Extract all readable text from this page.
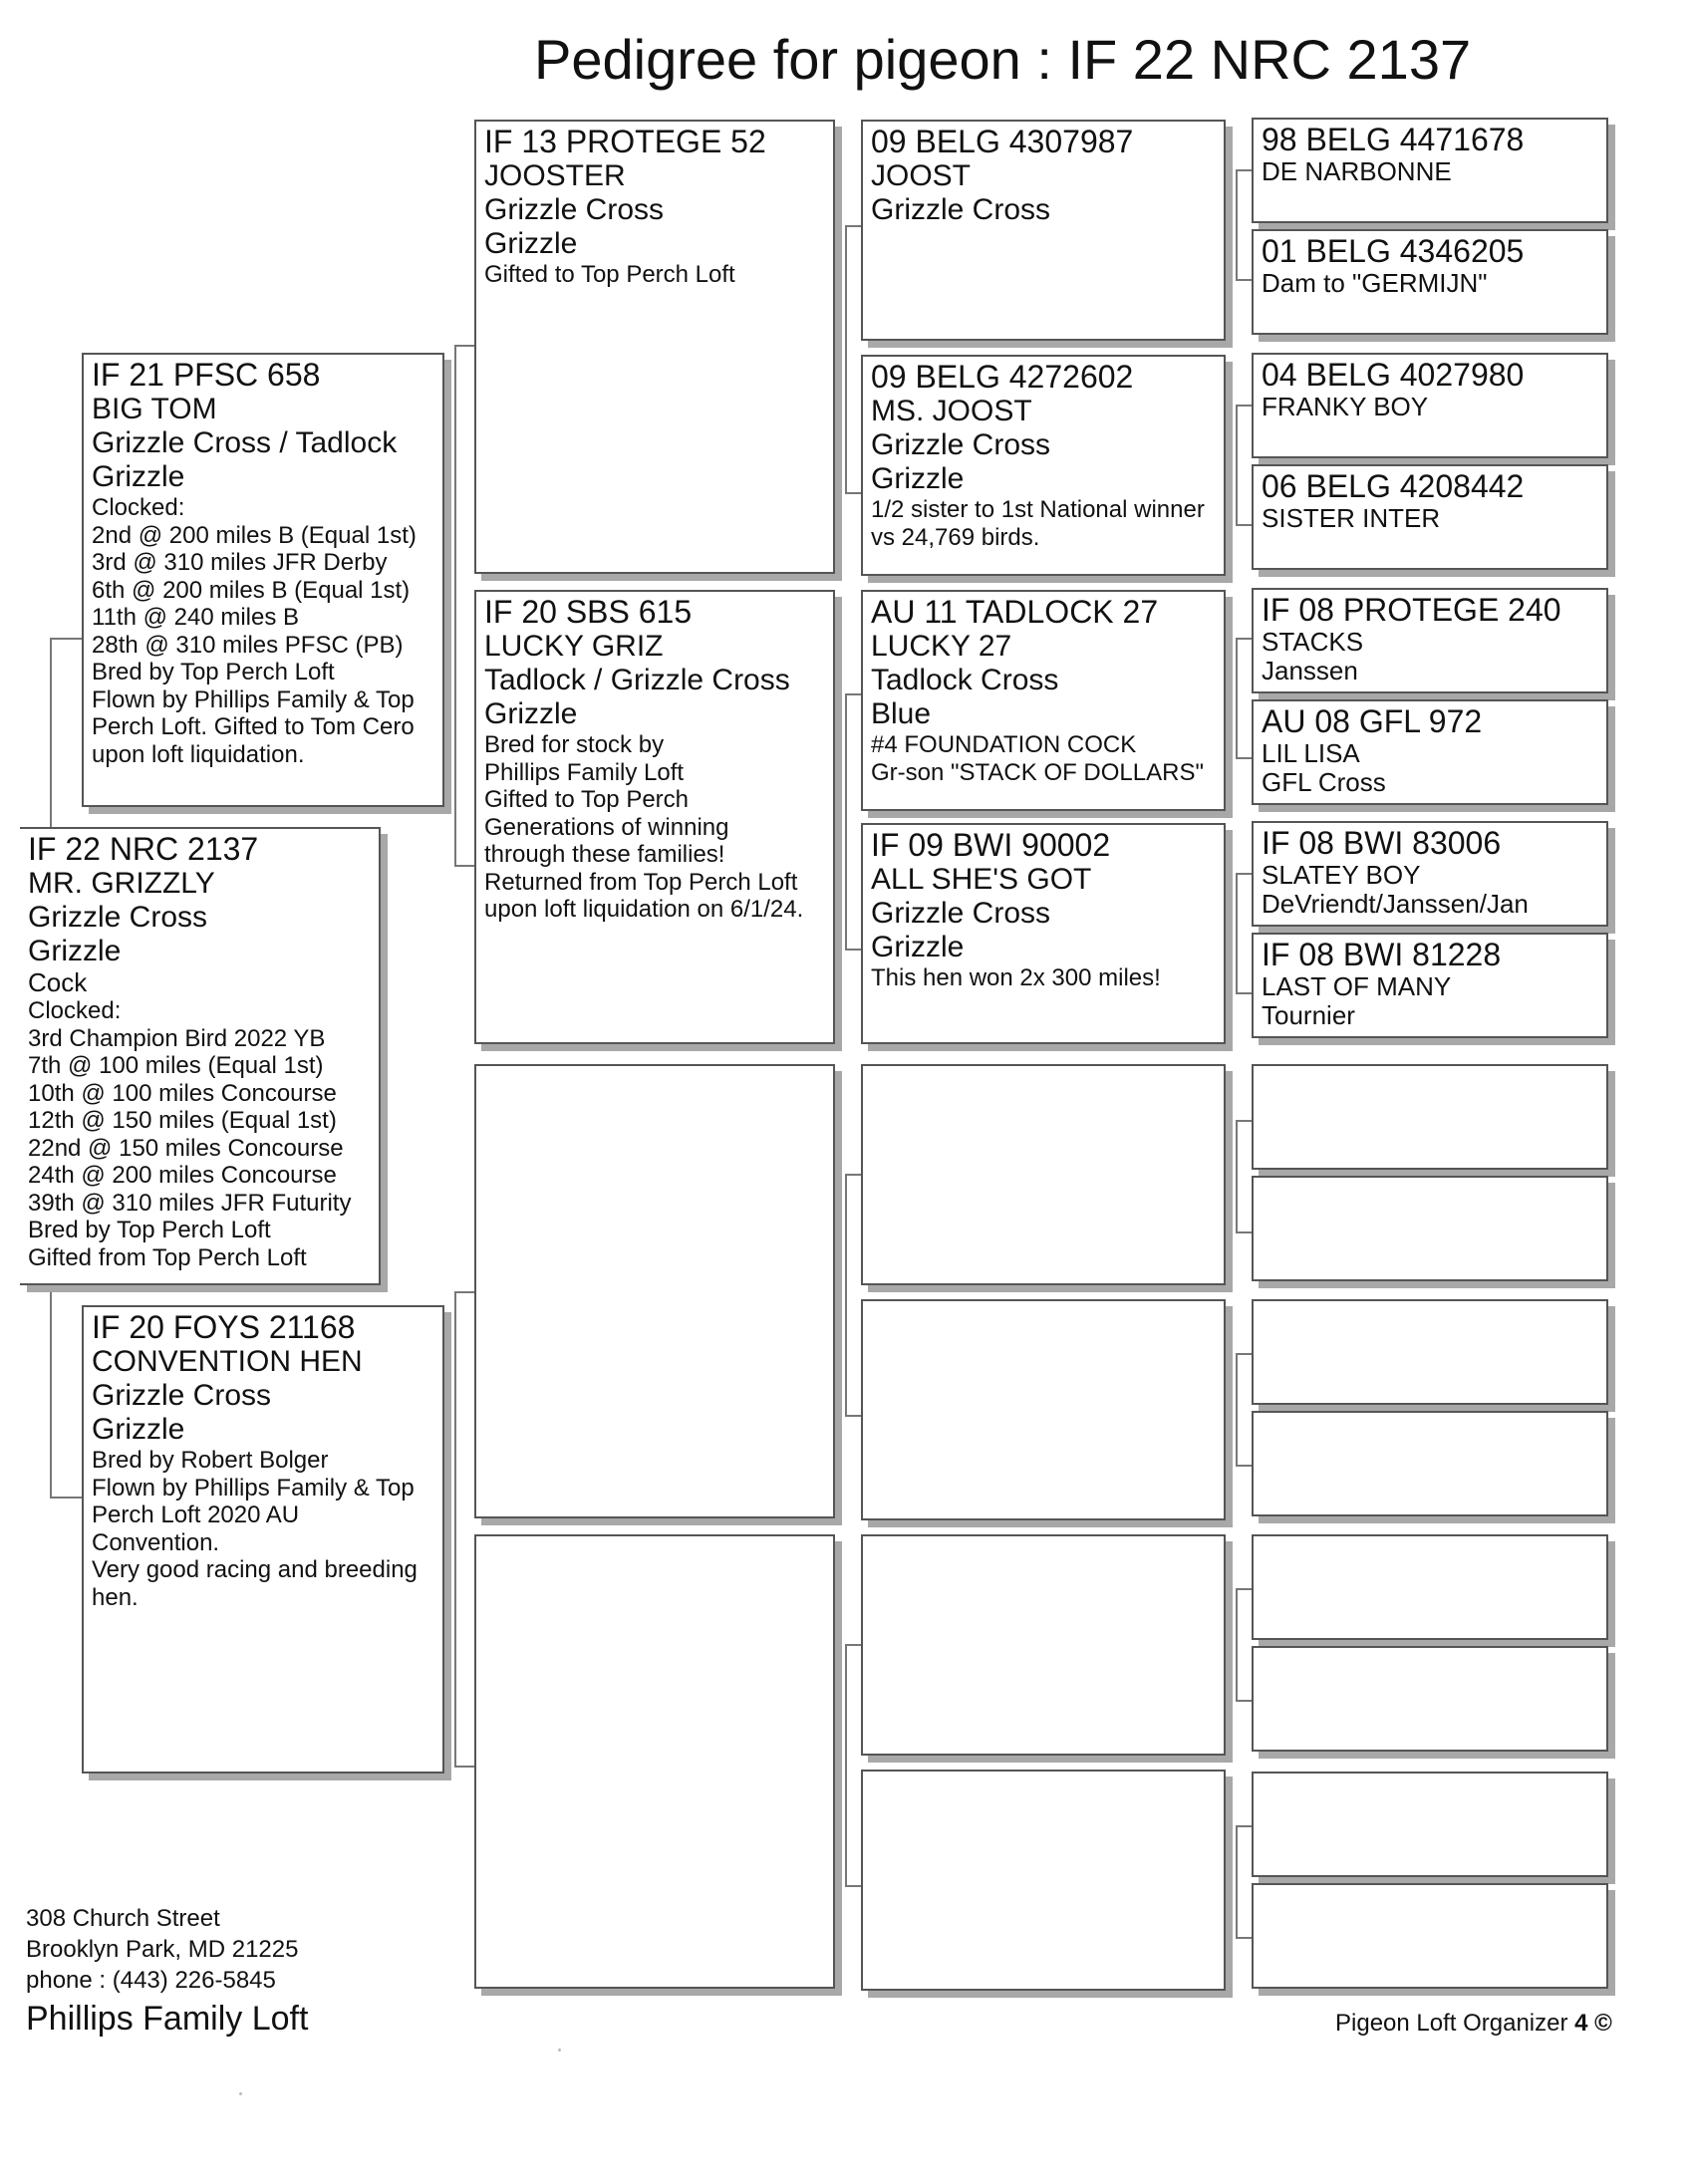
Pedigree for pigeon : IF 22 NRC 2137
IF 22 NRC 2137
MR. GRIZZLY
Grizzle Cross
Grizzle
Cock
Clocked:
3rd Champion Bird 2022 YB
7th @ 100 miles (Equal 1st)
10th @ 100 miles Concourse
12th @ 150 miles (Equal 1st)
22nd @ 150 miles Concourse
24th @ 200 miles Concourse
39th @ 310 miles JFR Futurity
Bred by Top Perch Loft
Gifted from Top Perch Loft
IF 21 PFSC 658
BIG TOM
Grizzle Cross / Tadlock
Grizzle
Clocked:
2nd @ 200 miles B (Equal 1st)
3rd @ 310 miles JFR Derby
6th @ 200 miles B (Equal 1st)
11th @ 240 miles B
28th @ 310 miles PFSC (PB)
Bred by Top Perch Loft
Flown by Phillips Family & Top
Perch Loft. Gifted to Tom Cero
upon loft liquidation.
IF 20 FOYS 21168
CONVENTION HEN
Grizzle Cross
Grizzle
Bred by Robert Bolger
Flown by Phillips Family & Top
Perch Loft 2020 AU
Convention.
Very good racing and breeding
hen.
IF 13 PROTEGE 52
JOOSTER
Grizzle Cross
Grizzle
Gifted to Top Perch Loft
IF 20 SBS 615
LUCKY GRIZ
Tadlock / Grizzle Cross
Grizzle
Bred for stock by
Phillips Family Loft
Gifted to Top Perch
Generations of winning
through these families!
Returned from Top Perch Loft
upon loft liquidation on 6/1/24.
09 BELG 4307987
JOOST
Grizzle Cross
09 BELG 4272602
MS. JOOST
Grizzle Cross
Grizzle
1/2 sister to 1st National winner
vs 24,769 birds.
AU 11 TADLOCK 27
LUCKY 27
Tadlock Cross
Blue
#4 FOUNDATION COCK
Gr-son "STACK OF DOLLARS"
IF 09 BWI 90002
ALL SHE'S GOT
Grizzle Cross
Grizzle
This hen won 2x 300 miles!
98 BELG 4471678
DE NARBONNE
01 BELG 4346205
Dam to "GERMIJN"
04 BELG 4027980
FRANKY BOY
06 BELG 4208442
SISTER INTER
IF 08 PROTEGE 240
STACKS
Janssen
AU 08 GFL 972
LIL LISA
GFL Cross
IF 08 BWI 83006
SLATEY BOY
DeVriendt/Janssen/Jan
IF 08 BWI 81228
LAST OF MANY
Tournier
308 Church Street
Brooklyn Park, MD 21225
phone : (443) 226-5845
Phillips Family Loft	Pigeon Loft Organizer 4 ©
